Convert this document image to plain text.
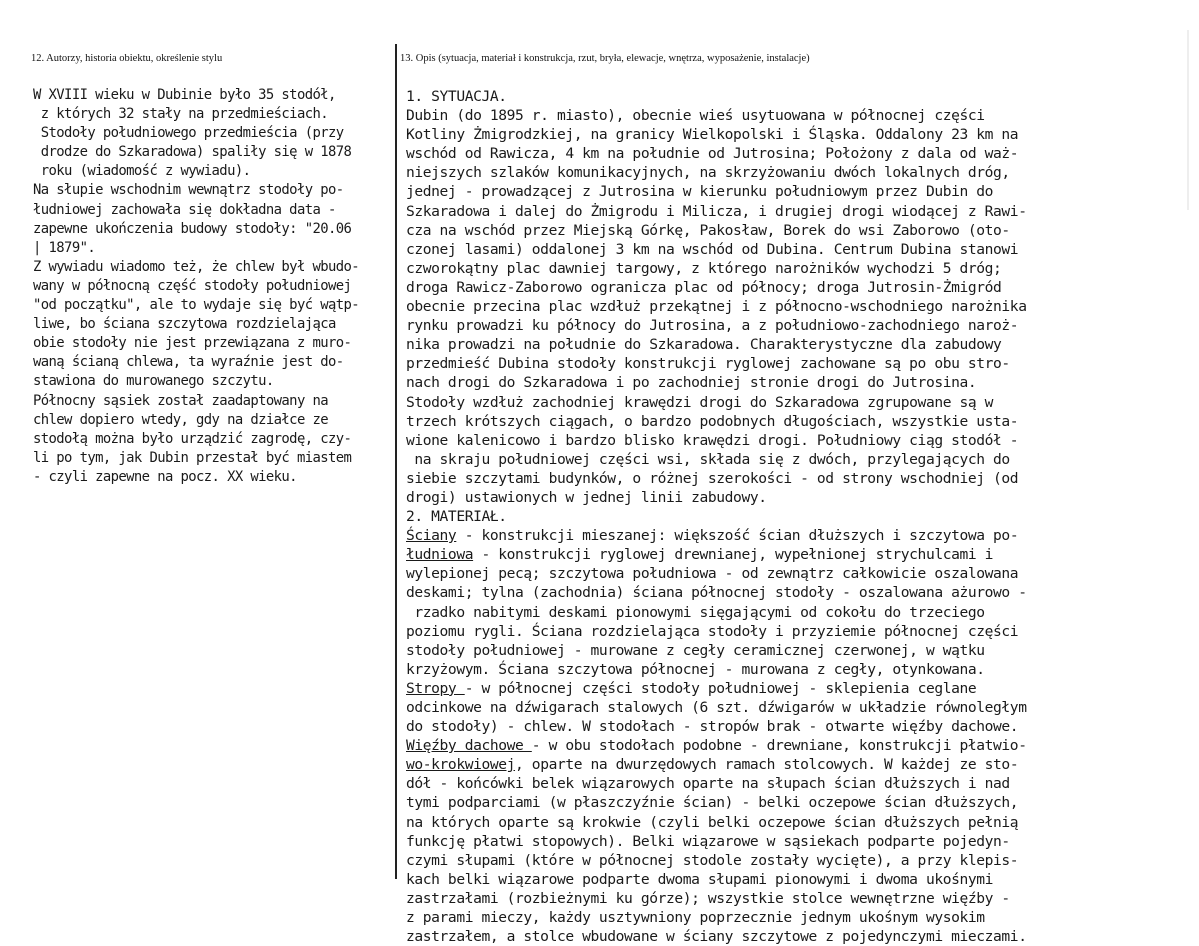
12. Autorzy, historia obiektu, określenie stylu	13. Opis (sytuacja, materiał i konstrukcja, rzut, bryła, elewacje, wnętrza, wyposażenie, instalacje)
W XVIII wieku w Dubinie było 35 stodół,
z których 32 stały na przedmieściach.
Stodoły południowego przedmieścia (przy
drodze do Szkaradowa) spaliły się w 1878
roku (wiadomość z wywiadu).
Na słupie wschodnim wewnątrz stodoły po-
łudniowej zachowała się dokładna data -
zapewne ukończenia budowy stodoły: "20.06
| 1879".
Z wywiadu wiadomo też, że chlew był wbudo-
wany w północną część stodoły południowej
"od początku", ale to wydaje się być wątp-
liwe, bo ściana szczytowa rozdzielająca
obie stodoły nie jest przewiązana z muro-
waną ścianą chlewa, ta wyraźnie jest do-
stawiona do murowanego szczytu.
Północny sąsiek został zaadaptowany na
chlew dopiero wtedy, gdy na działce ze
stodołą można było urządzić zagrodę, czy-
li po tym, jak Dubin przestał być miastem
- czyli zapewne na pocz. XX wieku.
1. SYTUACJA.
Dubin (do 1895 r. miasto), obecnie wieś usytuowana w północnej części
Kotliny Żmigrodzkiej, na granicy Wielkopolski i Śląska. Oddalony 23 km na
wschód od Rawicza, 4 km na południe od Jutrosina; Położony z dala od waż-
niejszych szlaków komunikacyjnych, na skrzyżowaniu dwóch lokalnych dróg,
jednej - prowadzącej z Jutrosina w kierunku południowym przez Dubin do
Szkaradowa i dalej do Żmigrodu i Milicza, i drugiej drogi wiodącej z Rawi-
cza na wschód przez Miejską Górkę, Pakosław, Borek do wsi Zaborowo (oto-
czonej lasami) oddalonej 3 km na wschód od Dubina. Centrum Dubina stanowi
czworokątny plac dawniej targowy, z którego narożników wychodzi 5 dróg;
droga Rawicz-Zaborowo ogranicza plac od północy; droga Jutrosin-Żmigród
obecnie przecina plac wzdłuż przekątnej i z północno-wschodniego narożnika
rynku prowadzi ku północy do Jutrosina, a z południowo-zachodniego naroż-
nika prowadzi na południe do Szkaradowa. Charakterystyczne dla zabudowy
przedmieść Dubina stodoły konstrukcji ryglowej zachowane są po obu stro-
nach drogi do Szkaradowa i po zachodniej stronie drogi do Jutrosina.
Stodoły wzdłuż zachodniej krawędzi drogi do Szkaradowa zgrupowane są w
trzech krótszych ciągach, o bardzo podobnych długościach, wszystkie usta-
wione kalenicowo i bardzo blisko krawędzi drogi. Południowy ciąg stodół -
na skraju południowej części wsi, składa się z dwóch, przylegających do
siebie szczytami budynków, o różnej szerokości - od strony wschodniej (od
drogi) ustawionych w jednej linii zabudowy.
2. MATERIAŁ.
Ściany - konstrukcji mieszanej: większość ścian dłuższych i szczytowa po-
łudniowa - konstrukcji ryglowej drewnianej, wypełnionej strychulcami i
wylepionej pecą; szczytowa południowa - od zewnątrz całkowicie oszalowana
deskami; tylna (zachodnia) ściana północnej stodoły - oszalowana ażurowo -
rzadko nabitymi deskami pionowymi sięgającymi od cokołu do trzeciego
poziomu rygli. Ściana rozdzielająca stodoły i przyziemie północnej części
stodoły południowej - murowane z cegły ceramicznej czerwonej, w wątku
krzyżowym. Ściana szczytowa północnej - murowana z cegły, otynkowana.
Stropy - w północnej części stodoły południowej - sklepienia ceglane
odcinkowe na dźwigarach stalowych (6 szt. dźwigarów w układzie równoległym
do stodoły) - chlew. W stodołach - stropów brak - otwarte więźby dachowe.
Więźby dachowe - w obu stodołach podobne - drewniane, konstrukcji płatwio-
wo-krokwiowej, oparte na dwurzędowych ramach stolcowych. W każdej ze sto-
dół - końcówki belek wiązarowych oparte na słupach ścian dłuższych i nad
tymi podparciami (w płaszczyźnie ścian) - belki oczepowe ścian dłuższych,
na których oparte są krokwie (czyli belki oczepowe ścian dłuższych pełnią
funkcję płatwi stopowych). Belki wiązarowe w sąsiekach podparte pojedyn-
czymi słupami (które w północnej stodole zostały wycięte), a przy klepis-
kach belki wiązarowe podparte dwoma słupami pionowymi i dwoma ukośnymi
zastrzałami (rozbieżnymi ku górze); wszystkie stolce wewnętrzne więźby -
z parami mieczy, każdy usztywniony poprzecznie jednym ukośnym wysokim
zastrzałem, a stolce wbudowane w ściany szczytowe z pojedynczymi mieczami.
